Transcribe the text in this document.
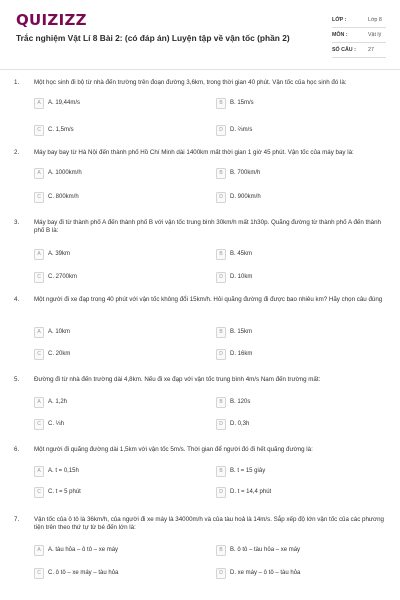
QUIZIZZ
Trắc nghiệm Vật Lí 8 Bài 2: (có đáp án) Luyện tập về vận tốc (phần 2)
LỚP :	Lớp 8
MÔN :	Vật lý
SỐ CÂU :	27
1. Một học sinh đi bộ từ nhà đến trường trên đoạn đường 3,6km, trong thời gian 40 phút. Vận tốc của học sinh đó là:
A	A. 19,44m/s	B	B. 15m/s
C	C. 1,5m/s	D	D. ⅔m/s
2. Máy bay bay từ Hà Nội đến thành phố Hồ Chí Minh dài 1400km mất thời gian 1 giờ 45 phút. Vận tốc của máy bay là:
A	A. 1000km/h	B	B. 700km/h
C	C. 800km/h	D	D. 900km/h
3. Máy bay đi từ thành phố A đến thành phố B với vận tốc trung bình 30km/h mất 1h30p. Quãng đường từ thành phố A đến thành phố B là:
A	A. 39km	B	B. 45km
C	C. 2700km	D	D. 10km
4. Một người đi xe đạp trong 40 phút với vận tốc không đổi 15km/h. Hỏi quãng đường đi được bao nhiêu km? Hãy chọn câu đúng
A	A. 10km	B	B. 15km
C	C. 20km	D	D. 16km
5. Đường đi từ nhà đến trường dài 4,8km. Nếu đi xe đạp với vận tốc trung bình 4m/s Nam đến trường mất:
A	A. 1,2h	B	B. 120s
C	C. ⅓h	D	D. 0,3h
6. Một người đi quãng đường dài 1,5km với vận tốc 5m/s. Thời gian để người đó đi hết quãng đường là:
A	A. t = 0,15h	B	B. t = 15 giây
C	C. t = 5 phút	D	D. t = 14,4 phút
7. Vận tốc của ô tô là 36km/h, của người đi xe máy là 34000m/h và của tàu hoả là 14m/s. Sắp xếp độ lớn vận tốc của các phương tiện trên theo thứ tự từ bé đến lớn là:
A	A. tàu hỏa – ô tô – xe máy	B	B. ô tô – tàu hỏa – xe máy
C	C. ô tô – xe máy – tàu hỏa	D	D. xe máy – ô tô – tàu hỏa
